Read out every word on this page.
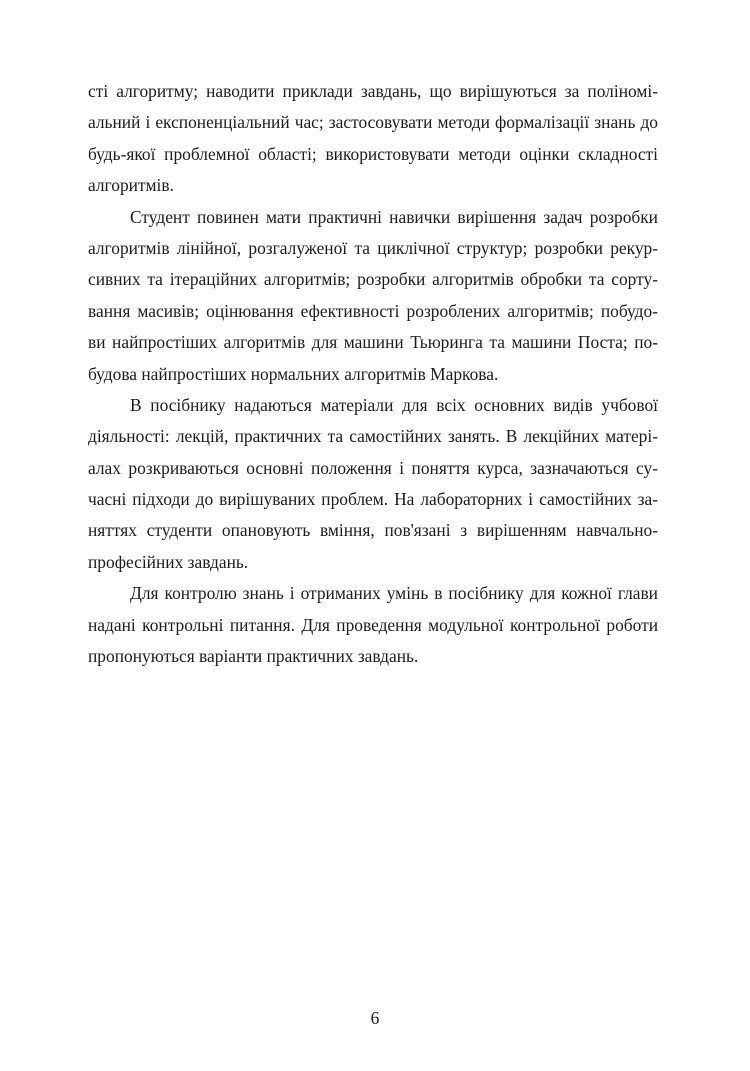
сті алгоритму; наводити приклади завдань, що вирішуються за поліномі-
альний і експоненціальний час; застосовувати методи формалізації знань до
будь-якої проблемної області; використовувати методи оцінки складності
алгоритмів.
Студент повинен мати практичні навички вирішення задач розробки
алгоритмів лінійної, розгалуженої та циклічної структур; розробки рекур-
сивних та ітераційних алгоритмів; розробки алгоритмів обробки та сорту-
вання масивів; оцінювання ефективності розроблених алгоритмів; побудо-
ви найпростіших алгоритмів для машини Тьюринга та машини Поста; по-
будова найпростіших нормальних алгоритмів Маркова.
В посібнику надаються матеріали для всіх основних видів учбової
діяльності: лекцій, практичних та самостійних занять. В лекційних матері-
алах розкриваються основні положення і поняття курса, зазначаються су-
часні підходи до вирішуваних проблем. На лабораторних і самостійних за-
няттях студенти опановують вміння, пов'язані з вирішенням навчально-
професійних завдань.
Для контролю знань і отриманих умінь в посібнику для кожної глави
надані контрольні питання. Для проведення модульної контрольної роботи
пропонуються варіанти практичних завдань.
6
